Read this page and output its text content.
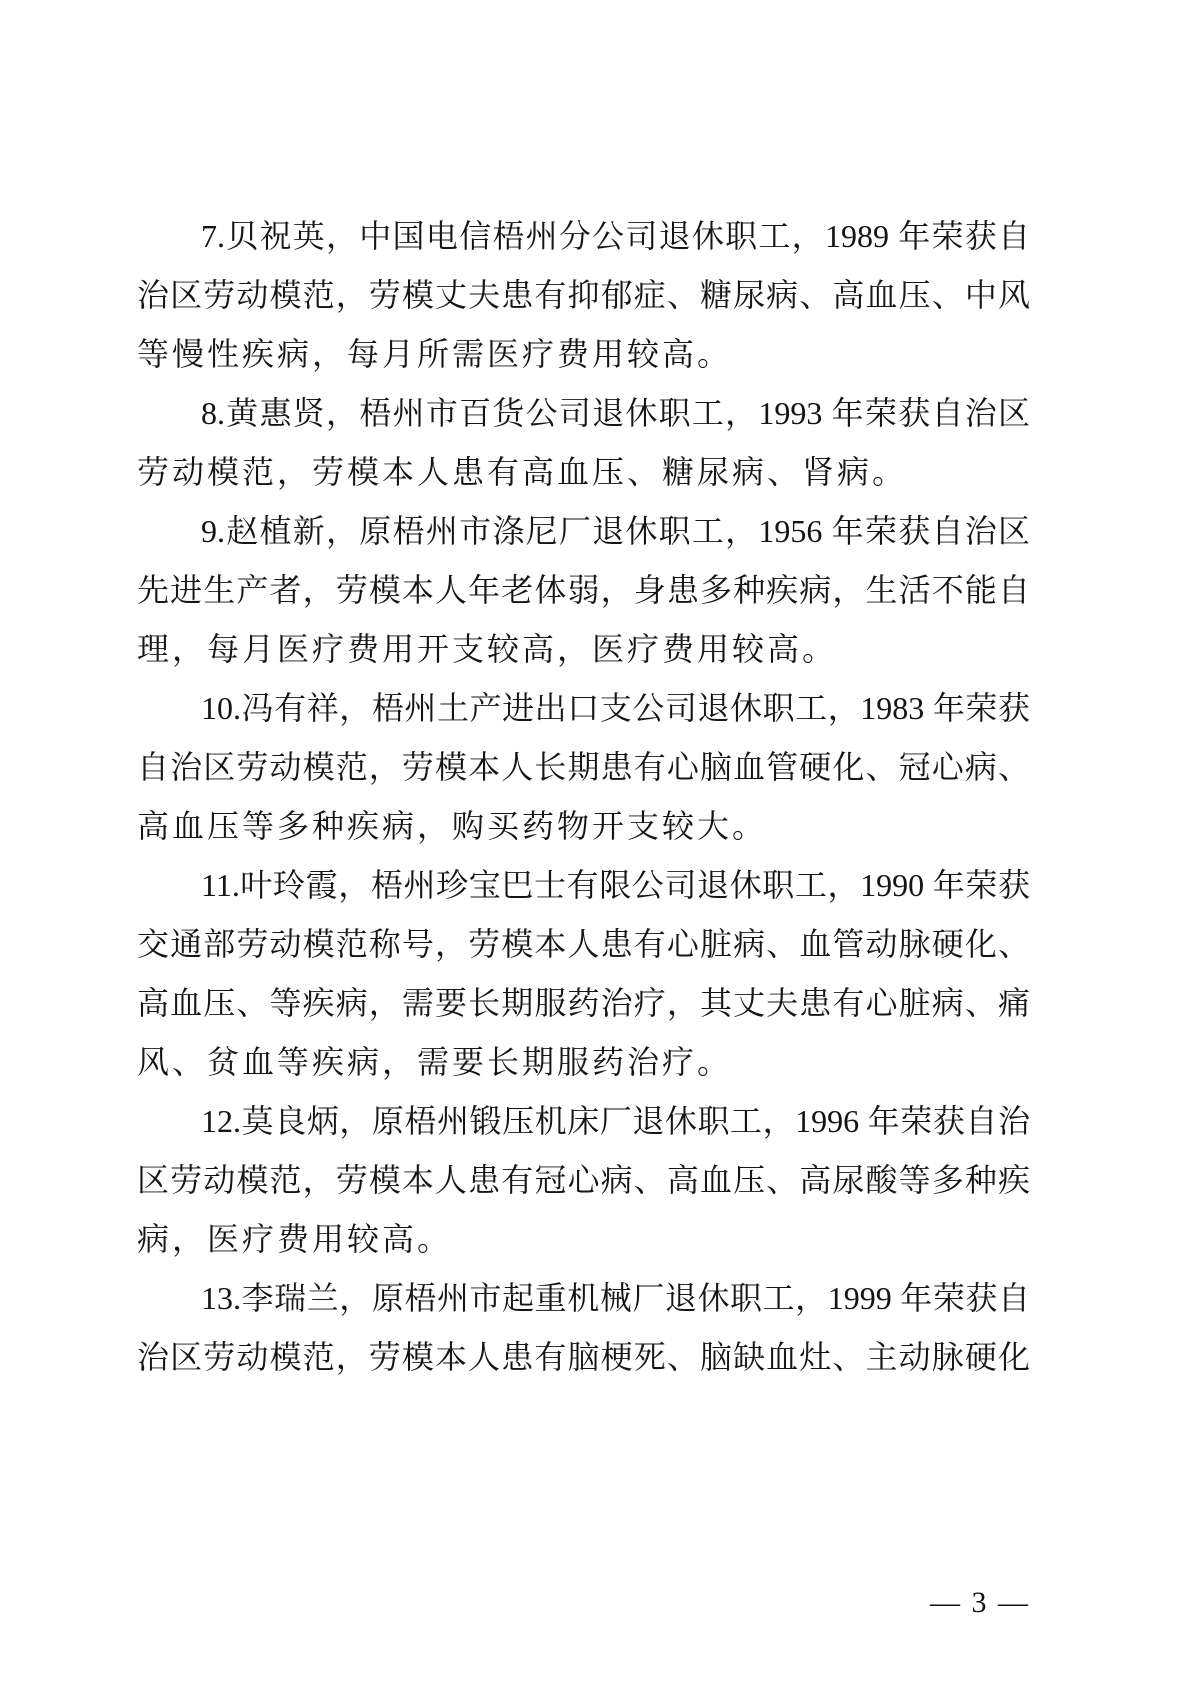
7.贝祝英，中国电信梧州分公司退休职工，1989 年荣获自
治区劳动模范，劳模丈夫患有抑郁症、糖尿病、高血压、中风
等慢性疾病，每月所需医疗费用较高。
8.黄惠贤，梧州市百货公司退休职工，1993 年荣获自治区
劳动模范，劳模本人患有高血压、糖尿病、肾病。
9.赵植新，原梧州市涤尼厂退休职工，1956 年荣获自治区
先进生产者，劳模本人年老体弱，身患多种疾病，生活不能自
理，每月医疗费用开支较高，医疗费用较高。
10.冯有祥，梧州土产进出口支公司退休职工，1983 年荣获
自治区劳动模范，劳模本人长期患有心脑血管硬化、冠心病、
高血压等多种疾病，购买药物开支较大。
11.叶玲霞，梧州珍宝巴士有限公司退休职工，1990 年荣获
交通部劳动模范称号，劳模本人患有心脏病、血管动脉硬化、
高血压、等疾病，需要长期服药治疗，其丈夫患有心脏病、痛
风、贫血等疾病，需要长期服药治疗。
12.莫良炳，原梧州锻压机床厂退休职工，1996 年荣获自治
区劳动模范，劳模本人患有冠心病、高血压、高尿酸等多种疾
病，医疗费用较高。
13.李瑞兰，原梧州市起重机械厂退休职工，1999 年荣获自
治区劳动模范，劳模本人患有脑梗死、脑缺血灶、主动脉硬化
— 3 —
